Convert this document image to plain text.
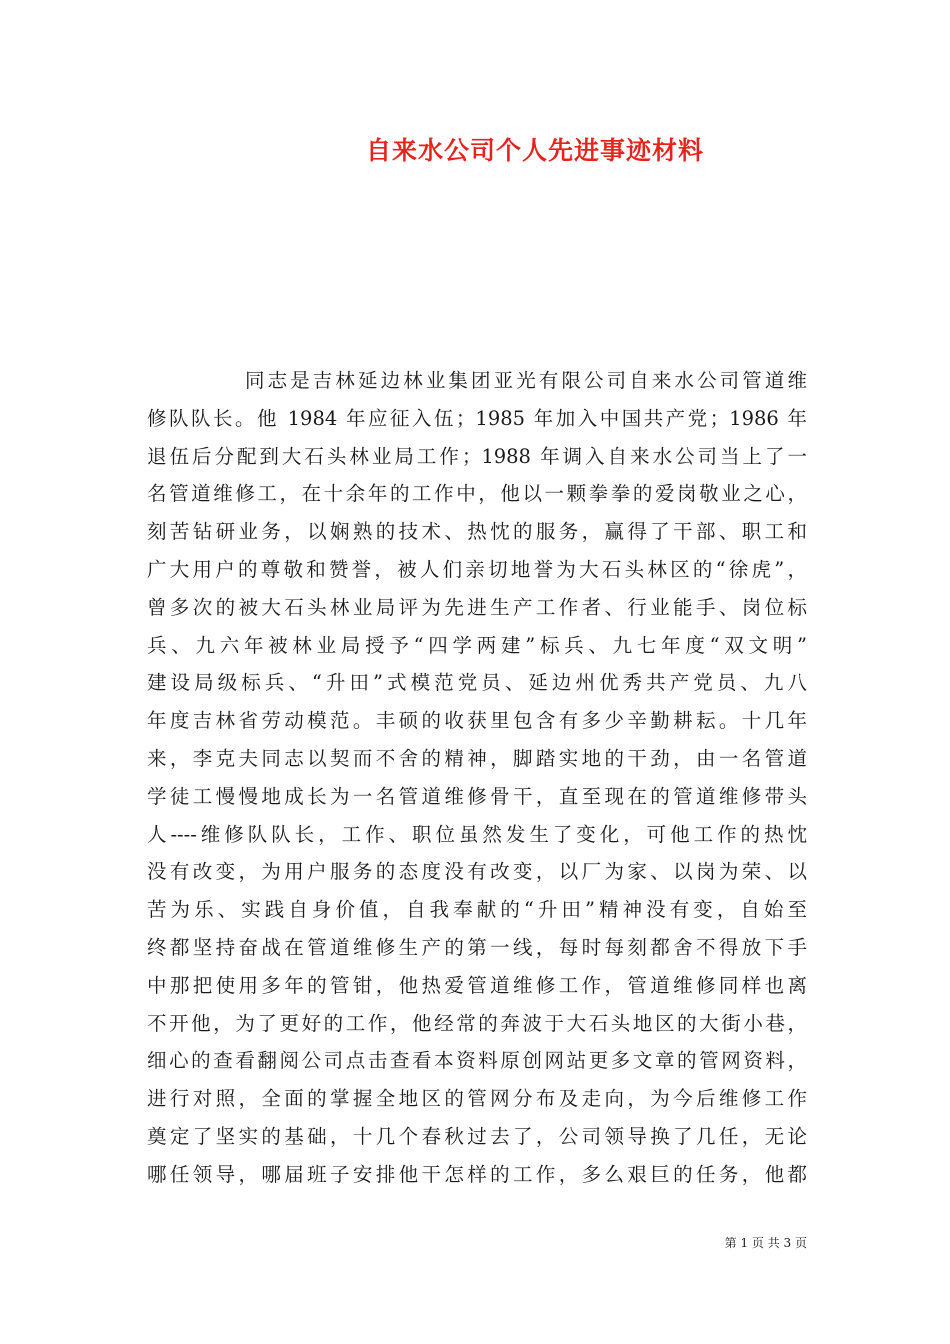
自来水公司个人先进事迹材料
同志是吉林延边林业集团亚光有限公司自来水公司管道维
修队队长。他 1984 年应征入伍；1985 年加入中国共产党；1986 年
退伍后分配到大石头林业局工作；1988 年调入自来水公司当上了一
名管道维修工，在十余年的工作中，他以一颗拳拳的爱岗敬业之心，
刻苦钻研业务，以娴熟的技术、热忱的服务，赢得了干部、职工和
广大用户的尊敬和赞誉，被人们亲切地誉为大石头林区的“徐虎”，
曾多次的被大石头林业局评为先进生产工作者、行业能手、岗位标
兵、九六年被林业局授予“四学两建”标兵、九七年度“双文明”
建设局级标兵、“升田”式模范党员、延边州优秀共产党员、九八
年度吉林省劳动模范。丰硕的收获里包含有多少辛勤耕耘。十几年
来，李克夫同志以契而不舍的精神，脚踏实地的干劲，由一名管道
学徒工慢慢地成长为一名管道维修骨干，直至现在的管道维修带头
人----维修队队长，工作、职位虽然发生了变化，可他工作的热忱
没有改变，为用户服务的态度没有改变，以厂为家、以岗为荣、以
苦为乐、实践自身价值，自我奉献的“升田”精神没有变，自始至
终都坚持奋战在管道维修生产的第一线，每时每刻都舍不得放下手
中那把使用多年的管钳，他热爱管道维修工作，管道维修同样也离
不开他，为了更好的工作，他经常的奔波于大石头地区的大街小巷，
细心的查看翻阅公司点击查看本资料原创网站更多文章的管网资料，
进行对照，全面的掌握全地区的管网分布及走向，为今后维修工作
奠定了坚实的基础，十几个春秋过去了，公司领导换了几任，无论
哪任领导，哪届班子安排他干怎样的工作，多么艰巨的任务，他都
第 1 页 共 3 页
